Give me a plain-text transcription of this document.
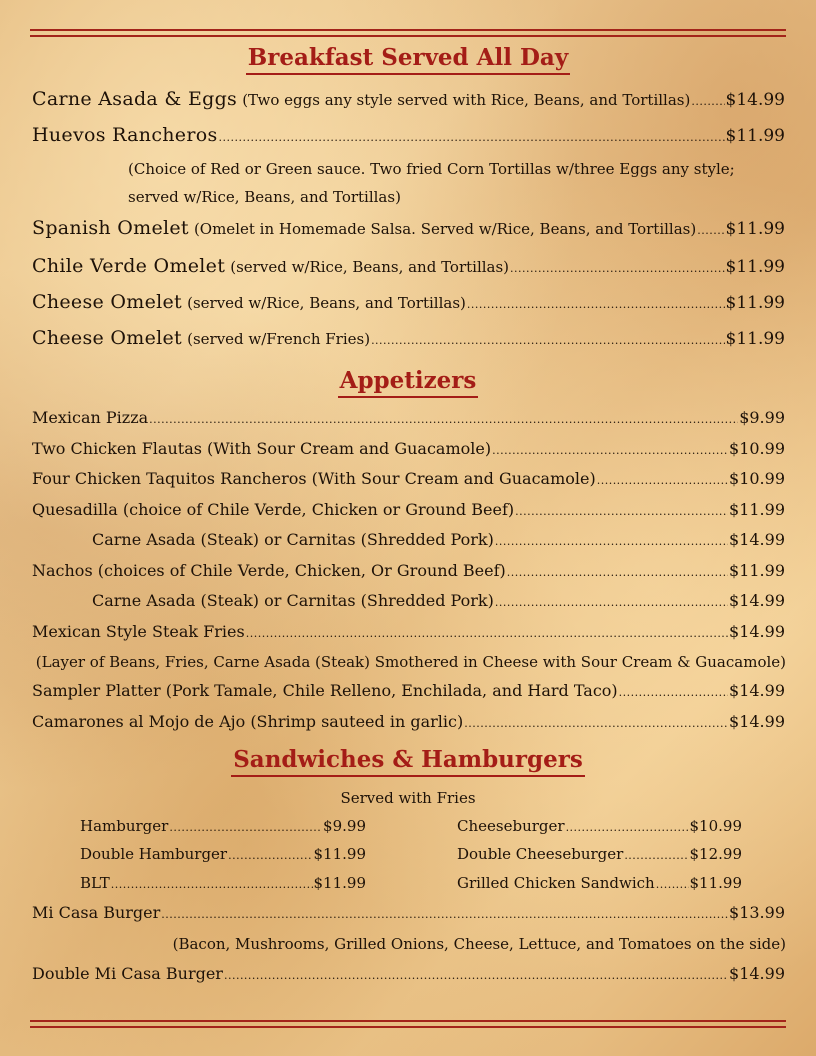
Breakfast Served All Day
Carne Asada & Eggs
(Two eggs any style served with Rice, Beans, and Tortillas) ..... $14.99
Huevos Rancheros .....	$11.99
(Choice of Red or Green sauce. Two fried Corn Tortillas w/three Eggs any style; served w/Rice, Beans, and Tortillas)
Spanish Omelet
(Omelet in Homemade Salsa. Served w/Rice, Beans, and Tortillas) ..... $11.99
Chile Verde Omelet
(served w/Rice, Beans, and Tortillas) .....	$11.99
Cheese Omelet
(served w/Rice, Beans, and Tortillas) .....	$11.99
Cheese Omelet
(served w/French Fries) .....	$11.99
Appetizers
Mexican Pizza .....	$9.99
Two Chicken Flautas (With Sour Cream and Guacamole) .....	$10.99
Four Chicken Taquitos Rancheros (With Sour Cream and Guacamole) .....	$10.99
Quesadilla (choice of Chile Verde, Chicken or Ground Beef) .....	$11.99
Carne Asada (Steak) or Carnitas (Shredded Pork) .....	$14.99
Nachos (choices of Chile Verde, Chicken, Or Ground Beef) .....	$11.99
Carne Asada (Steak) or Carnitas (Shredded Pork) .....	$14.99
Mexican Style Steak Fries .....	$14.99
(Layer of Beans, Fries, Carne Asada (Steak) Smothered in Cheese with Sour Cream & Guacamole)
Sampler Platter (Pork Tamale, Chile Relleno, Enchilada, and Hard Taco) .....	$14.99
Camarones al Mojo de Ajo (Shrimp sauteed in garlic) .....	$14.99
Sandwiches & Hamburgers
Served with Fries
Hamburger .....	$9.99
Double Hamburger .....	$11.99
BLT .....	$11.99
Cheeseburger .....	$10.99
Double Cheeseburger .....	$12.99
Grilled Chicken Sandwich ..... $11.99
Mi Casa Burger .....	$13.99
(Bacon, Mushrooms, Grilled Onions, Cheese, Lettuce, and Tomatoes on the side)
Double Mi Casa Burger .....	$14.99
